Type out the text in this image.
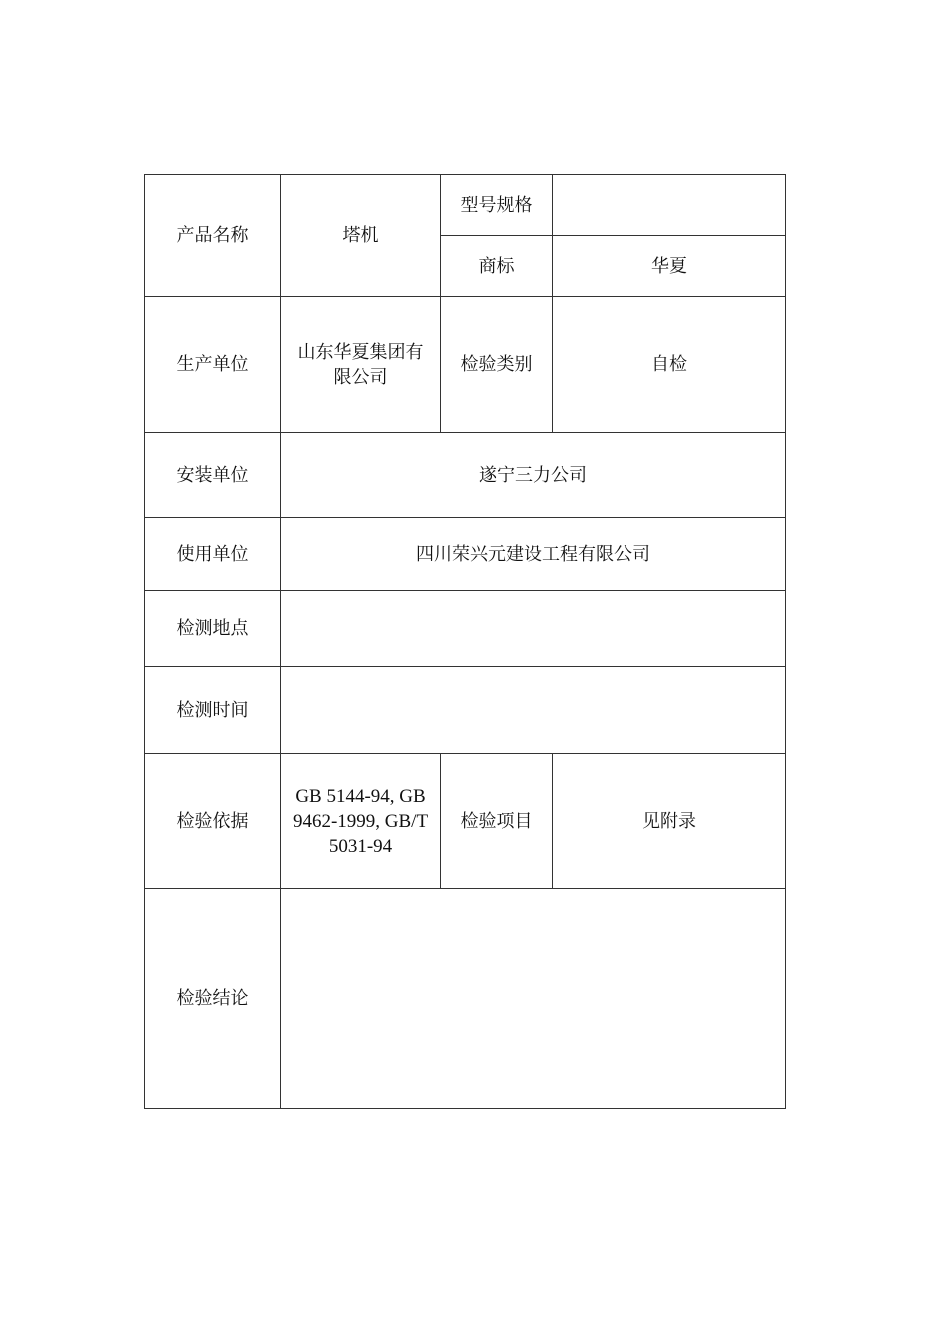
产品名称	塔机	型号规格	
		商标	华夏
生产单位	山东华夏集团有限公司	检验类别	自检
安装单位	遂宁三力公司		
使用单位	四川荣兴元建设工程有限公司		
检测地点			
检测时间			
检验依据	GB 5144-94, GB 9462-1999, GB/T 5031-94	检验项目	见附录
检验结论			
